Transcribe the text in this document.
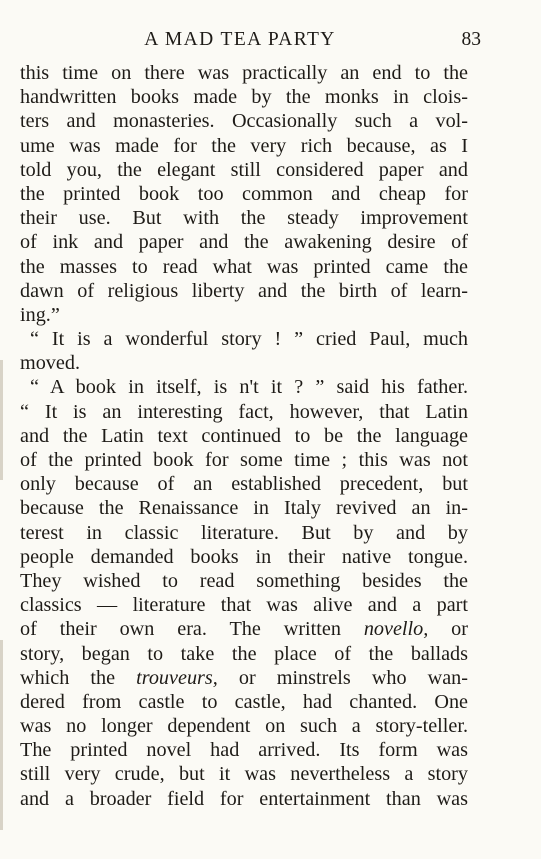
A MAD TEA PARTY	83
this time on there was practically an end to the
handwritten books made by the monks in clois-
ters and monasteries. Occasionally such a vol-
ume was made for the very rich because, as I
told you, the elegant still considered paper and
the printed book too common and cheap for
their use. But with the steady improvement
of ink and paper and the awakening desire of
the masses to read what was printed came the
dawn of religious liberty and the birth of learn-
ing.”
“ It is a wonderful story ! ” cried Paul, much
moved.
“ A book in itself, is n't it ? ” said his father.
“ It is an interesting fact, however, that Latin
and the Latin text continued to be the language
of the printed book for some time ; this was not
only because of an established precedent, but
because the Renaissance in Italy revived an in-
terest in classic literature. But by and by
people demanded books in their native tongue.
They wished to read something besides the
classics — literature that was alive and a part
of their own era. The written novello, or
story, began to take the place of the ballads
which the trouveurs, or minstrels who wan-
dered from castle to castle, had chanted. One
was no longer dependent on such a story-teller.
The printed novel had arrived. Its form was
still very crude, but it was nevertheless a story
and a broader field for entertainment than was
